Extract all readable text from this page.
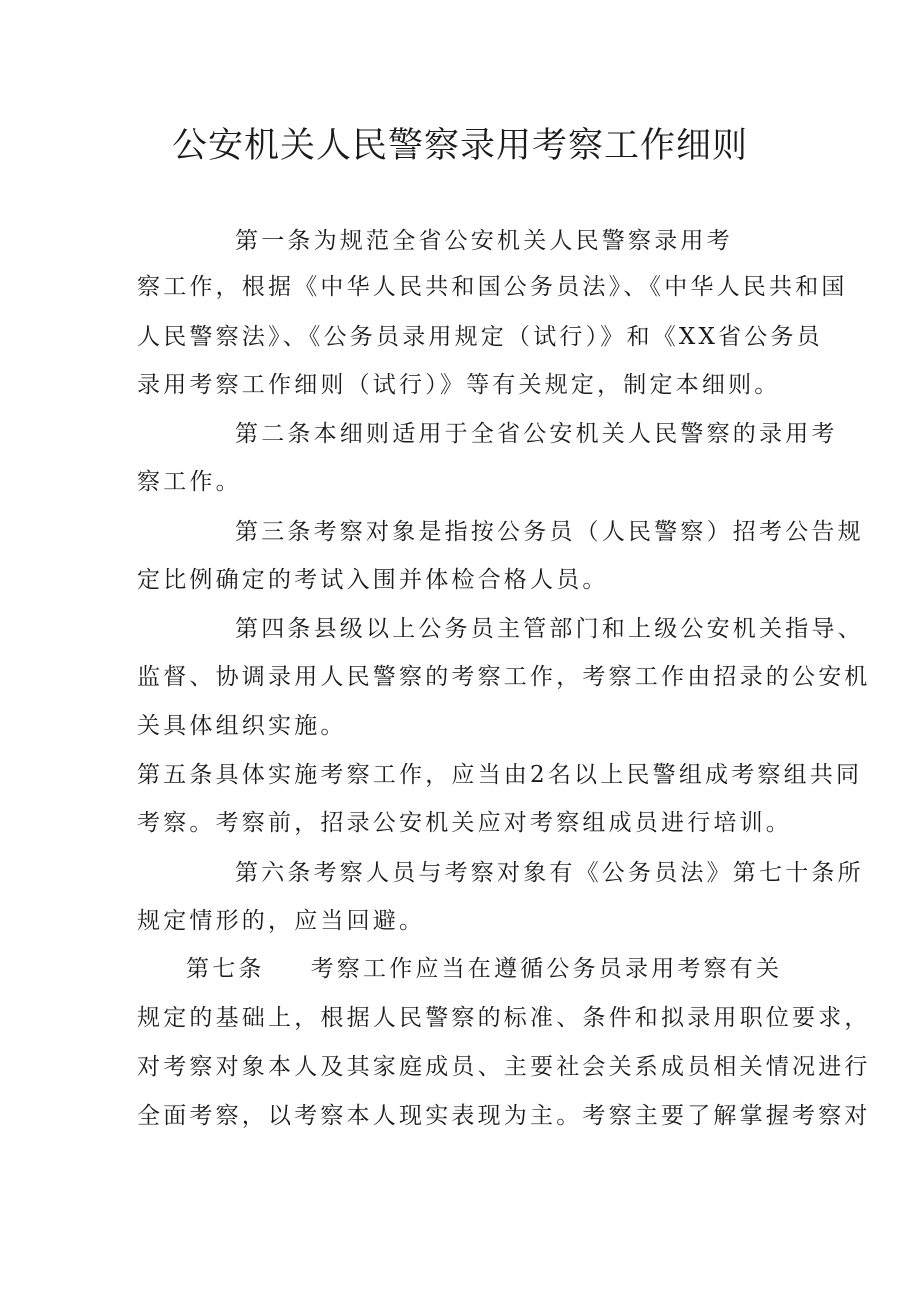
公安机关人民警察录用考察工作细则

第一条为规范全省公安机关人民警察录用考

察工作，根据《中华人民共和国公务员法》、《中华人民共和国

人民警察法》、《公务员录用规定（试行）》和《XX省公务员

录用考察工作细则（试行）》等有关规定，制定本细则。

第二条本细则适用于全省公安机关人民警察的录用考

察工作。

第三条考察对象是指按公务员（人民警察）招考公告规

定比例确定的考试入围并体检合格人员。

第四条县级以上公务员主管部门和上级公安机关指导、

监督、协调录用人民警察的考察工作，考察工作由招录的公安机

关具体组织实施。

第五条具体实施考察工作，应当由2名以上民警组成考察组共同

考察。考察前，招录公安机关应对考察组成员进行培训。

第六条考察人员与考察对象有《公务员法》第七十条所

规定情形的，应当回避。

第七条 考察工作应当在遵循公务员录用考察有关

规定的基础上，根据人民警察的标准、条件和拟录用职位要求，

对考察对象本人及其家庭成员、主要社会关系成员相关情况进行

全面考察，以考察本人现实表现为主。考察主要了解掌握考察对
